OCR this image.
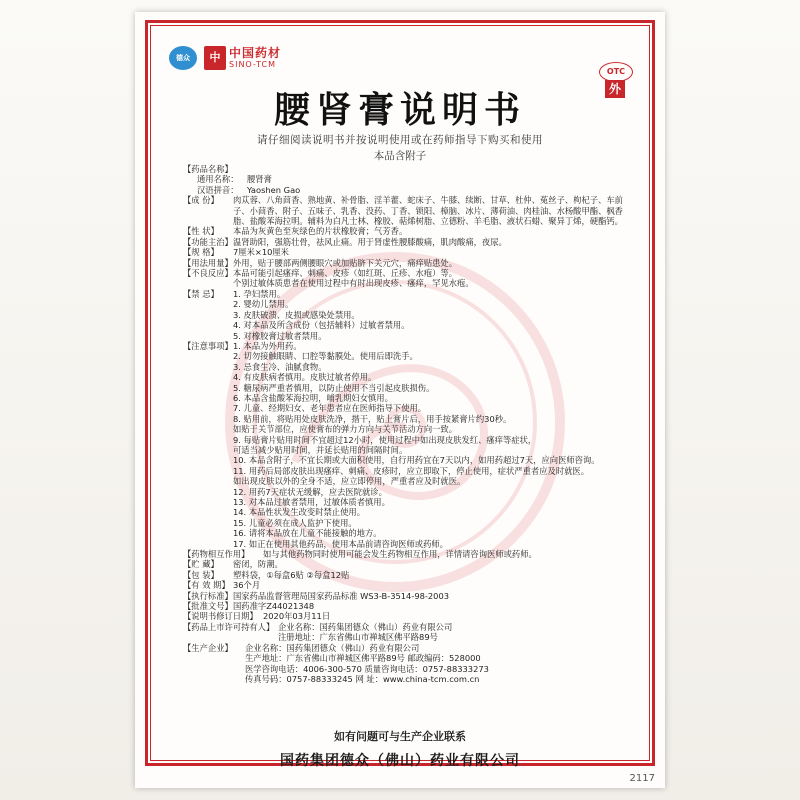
德众	中 中国药材
SINO-TCM
OTC
外
腰肾膏说明书
请仔细阅读说明书并按说明使用或在药师指导下购买和使用
本品含附子
【药品名称】
通用名称：	腰肾膏
汉语拼音：	Yaoshen Gao
【成 份】	肉苁蓉、八角茴香、熟地黄、补骨脂、淫羊藿、蛇床子、牛膝、续断、甘草、杜仲、菟丝子、枸杞子、车前子、小茴香、附子、五味子、乳香、没药、丁香、锁阳、樟脑、冰片、薄荷油、肉桂油、水杨酸甲酯、枫香脂、盐酸苯海拉明。辅料为白凡士林、橡胶、萜烯树脂、立德粉、羊毛脂、液状石蜡、聚异丁烯，硬酯钙。
【性 状】	本品为灰黄色至灰绿色的片状橡胶膏；气芳香。
【功能主治】 温肾助阳，强筋壮骨，祛风止痛。用于肾虚性腰膝酸痛，肌肉酸痛，夜尿。
【规 格】	7厘米×10厘米
【用法用量】 外用，贴于腰部两侧腰眼穴或加贴脐下关元穴，痛痒贴患处。
【不良反应】 本品可能引起瘙痒、刺痛、皮疹（如红斑、丘疹、水疱）等。
个别过敏体质患者在使用过程中有时出现皮疹、瘙痒，罕见水疱。
【禁 忌】	1. 孕妇禁用。
2. 婴幼儿禁用。
3. 皮肤破溃、皮损或感染处禁用。
4. 对本品及所含成份（包括辅料）过敏者禁用。
5. 对橡胶膏过敏者禁用。
【注意事项】 1. 本品为外用药。
2. 切勿接触眼睛、口腔等黏膜处。使用后即洗手。
3. 忌食生冷、油腻食物。
4. 有皮肤病者慎用。皮肤过敏者停用。
5. 糖尿病严重者慎用，以防止使用不当引起皮肤损伤。
6. 本品含盐酸苯海拉明，哺乳期妇女慎用。
7. 儿童、经期妇女、老年患者应在医师指导下使用。
8. 贴用前，将贴用处皮肤洗净，揩干，贴上膏片后，用手按紧膏片约30秒。
如贴于关节部位，应使膏布的弹力方向与关节活动方向一致。
9. 每贴膏片贴用时间不宜超过12小时，使用过程中如出现皮肤发红、瘙痒等症状，
可适当减少贴用时间，并延长贴用的间隔时间。
10. 本品含附子，不宜长期或大面积使用，自行用药宜在7天以内，如用药超过7天，应向医师咨询。
11. 用药后局部皮肤出现瘙痒、刺痛、皮疹时，应立即取下，停止使用，症状严重者应及时就医。
如出现皮肤以外的全身不适，应立即停用，严重者应及时就医。
12. 用药7天症状无缓解，应去医院就诊。
13. 对本品过敏者禁用，过敏体质者慎用。
14. 本品性状发生改变时禁止使用。
15. 儿童必须在成人监护下使用。
16. 请将本品放在儿童不能接触的地方。
17. 如正在使用其他药品，使用本品前请咨询医师或药师。
【药物相互作用】	如与其他药物同时使用可能会发生药物相互作用，详情请咨询医师或药师。
【贮 藏】	密闭，防潮。
【包 装】	塑料袋，①每盒6贴 ②每盒12贴
【有 效 期】 36个月
【执行标准】 国家药品监督管理局国家药品标准 WS3-B-3514-98-2003
【批准文号】 国药准字Z44021348
【说明书修订日期】 2020年03月11日
【药品上市许可持有人】 企业名称：国药集团德众（佛山）药业有限公司
注册地址：广东省佛山市禅城区佛平路89号
【生产企业】	企业名称：国药集团德众（佛山）药业有限公司
生产地址：广东省佛山市禅城区佛平路89号 邮政编码：528000
医学咨询电话：4006-300-570 质量咨询电话：0757-88333273
传真号码：0757-88333245 网 址：www.china-tcm.com.cn
如有问题可与生产企业联系
国药集团德众（佛山）药业有限公司
2117
